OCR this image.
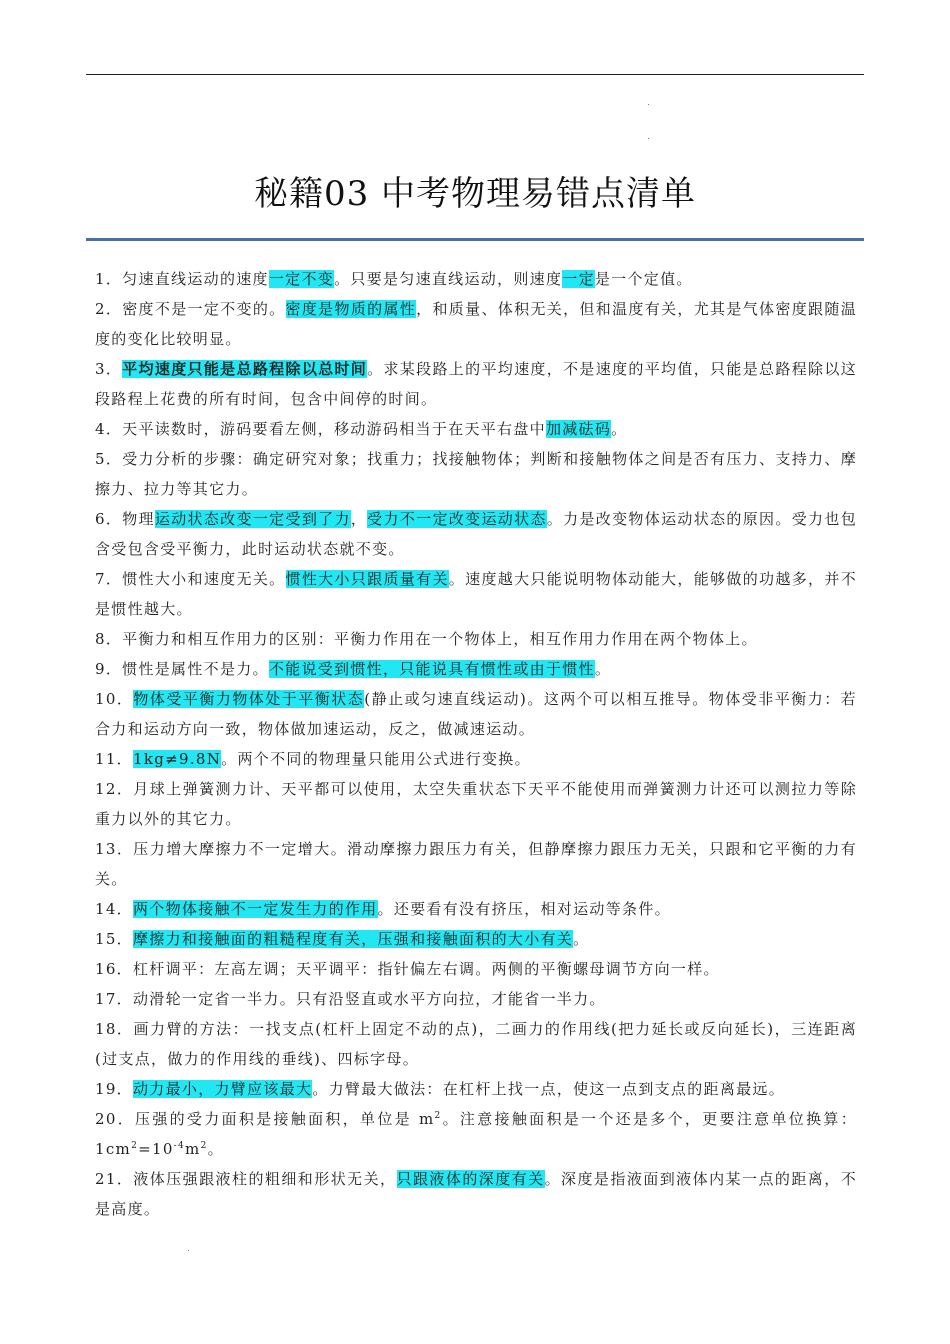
秘籍03 中考物理易错点清单

1．匀速直线运动的速度一定不变。只要是匀速直线运动，则速度一定是一个定值。

2．密度不是一定不变的。密度是物质的属性，和质量、体积无关，但和温度有关，尤其是气体密度跟随温度的变化比较明显。

3．平均速度只能是总路程除以总时间。求某段路上的平均速度，不是速度的平均值，只能是总路程除以这段路程上花费的所有时间，包含中间停的时间。

4．天平读数时，游码要看左侧，移动游码相当于在天平右盘中加减砝码。

5．受力分析的步骤：确定研究对象；找重力；找接触物体；判断和接触物体之间是否有压力、支持力、摩擦力、拉力等其它力。

6．物理运动状态改变一定受到了力，受力不一定改变运动状态。力是改变物体运动状态的原因。受力也包含受包含受平衡力，此时运动状态就不变。

7．惯性大小和速度无关。惯性大小只跟质量有关。速度越大只能说明物体动能大，能够做的功越多，并不是惯性越大。

8．平衡力和相互作用力的区别：平衡力作用在一个物体上，相互作用力作用在两个物体上。

9．惯性是属性不是力。不能说受到惯性，只能说具有惯性或由于惯性。

10．物体受平衡力物体处于平衡状态(静止或匀速直线运动)。这两个可以相互推导。物体受非平衡力：若合力和运动方向一致，物体做加速运动，反之，做减速运动。

11．1kg≠9.8N。两个不同的物理量只能用公式进行变换。

12．月球上弹簧测力计、天平都可以使用，太空失重状态下天平不能使用而弹簧测力计还可以测拉力等除重力以外的其它力。

13．压力增大摩擦力不一定增大。滑动摩擦力跟压力有关，但静摩擦力跟压力无关，只跟和它平衡的力有关。

14．两个物体接触不一定发生力的作用。还要看有没有挤压，相对运动等条件。

15．摩擦力和接触面的粗糙程度有关，压强和接触面积的大小有关。

16．杠杆调平：左高左调；天平调平：指针偏左右调。两侧的平衡螺母调节方向一样。

17．动滑轮一定省一半力。只有沿竖直或水平方向拉，才能省一半力。

18．画力臂的方法：一找支点(杠杆上固定不动的点)，二画力的作用线(把力延长或反向延长)，三连距离(过支点，做力的作用线的垂线)、四标字母。

19．动力最小，力臂应该最大。力臂最大做法：在杠杆上找一点，使这一点到支点的距离最远。

20．压强的受力面积是接触面积，单位是 $m^2$。注意接触面积是一个还是多个，更要注意单位换算：$1cm^2=10^{-4}m^2$。

21．液体压强跟液柱的粗细和形状无关，只跟液体的深度有关。深度是指液面到液体内某一点的距离，不是高度。
